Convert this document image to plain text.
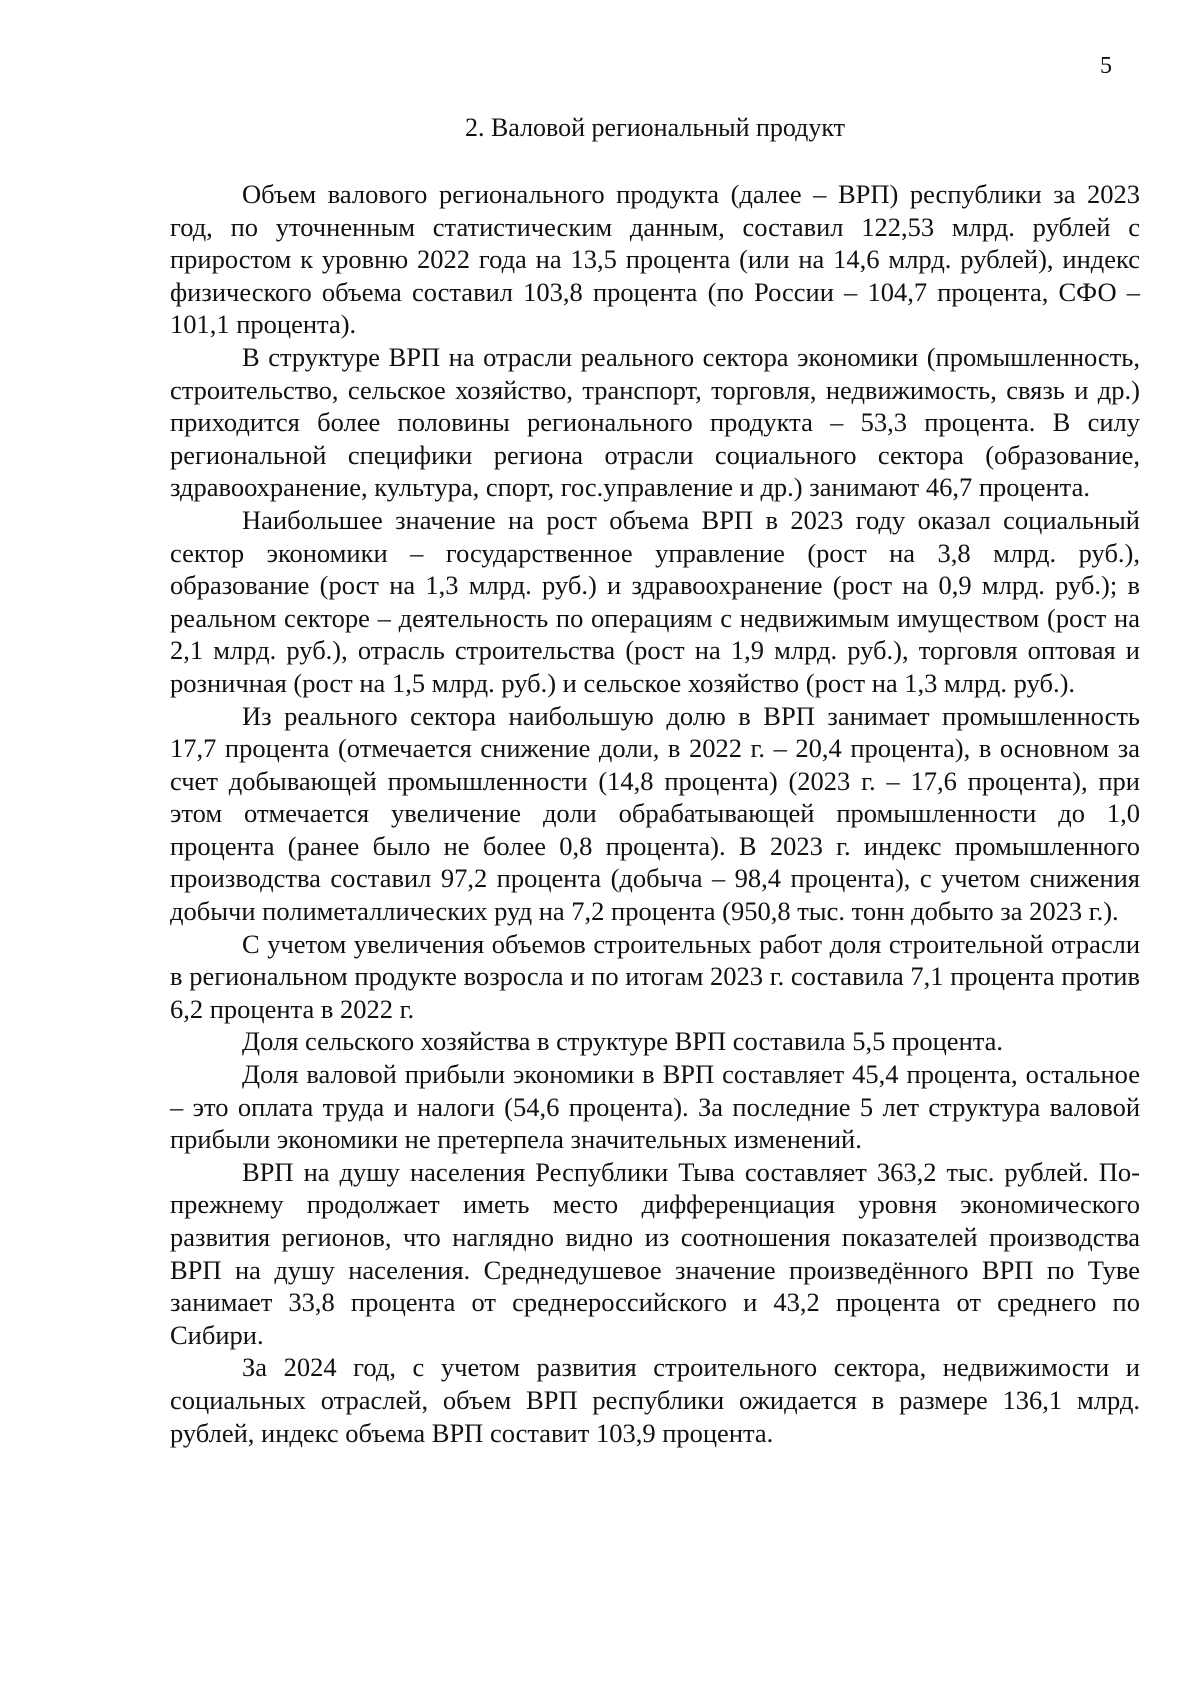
5
2. Валовой региональный продукт

Объем валового регионального продукта (далее – ВРП) республики за 2023 год, по уточненным статистическим данным, составил 122,53 млрд. рублей с приростом к уровню 2022 года на 13,5 процента (или на 14,6 млрд. рублей), индекс физического объема составил 103,8 процента (по России – 104,7 процента, СФО – 101,1 процента).

В структуре ВРП на отрасли реального сектора экономики (промышленность, строительство, сельское хозяйство, транспорт, торговля, недвижимость, связь и др.) приходится более половины регионального продукта – 53,3 процента. В силу региональной специфики региона отрасли социального сектора (образование, здравоохранение, культура, спорт, гос.управление и др.) занимают 46,7 процента.

Наибольшее значение на рост объема ВРП в 2023 году оказал социальный сектор экономики – государственное управление (рост на 3,8 млрд. руб.), образование (рост на 1,3 млрд. руб.) и здравоохранение (рост на 0,9 млрд. руб.); в реальном секторе – деятельность по операциям с недвижимым имуществом (рост на 2,1 млрд. руб.), отрасль строительства (рост на 1,9 млрд. руб.), торговля оптовая и розничная (рост на 1,5 млрд. руб.) и сельское хозяйство (рост на 1,3 млрд. руб.).

Из реального сектора наибольшую долю в ВРП занимает промышленность 17,7 процента (отмечается снижение доли, в 2022 г. – 20,4 процента), в основном за счет добывающей промышленности (14,8 процента) (2023 г. – 17,6 процента), при этом отмечается увеличение доли обрабатывающей промышленности до 1,0 процента (ранее было не более 0,8 процента). В 2023 г. индекс промышленного производства составил 97,2 процента (добыча – 98,4 процента), с учетом снижения добычи полиметаллических руд на 7,2 процента (950,8 тыс. тонн добыто за 2023 г.).

С учетом увеличения объемов строительных работ доля строительной отрасли в региональном продукте возросла и по итогам 2023 г. составила 7,1 процента против 6,2 процента в 2022 г.

Доля сельского хозяйства в структуре ВРП составила 5,5 процента.

Доля валовой прибыли экономики в ВРП составляет 45,4 процента, остальное – это оплата труда и налоги (54,6 процента). За последние 5 лет структура валовой прибыли экономики не претерпела значительных изменений.

ВРП на душу населения Республики Тыва составляет 363,2 тыс. рублей. По-прежнему продолжает иметь место дифференциация уровня экономического развития регионов, что наглядно видно из соотношения показателей производства ВРП на душу населения. Среднедушевое значение произведённого ВРП по Туве занимает 33,8 процента от среднероссийского и 43,2 процента от среднего по Сибири.

За 2024 год, с учетом развития строительного сектора, недвижимости и социальных отраслей, объем ВРП республики ожидается в размере 136,1 млрд. рублей, индекс объема ВРП составит 103,9 процента.
